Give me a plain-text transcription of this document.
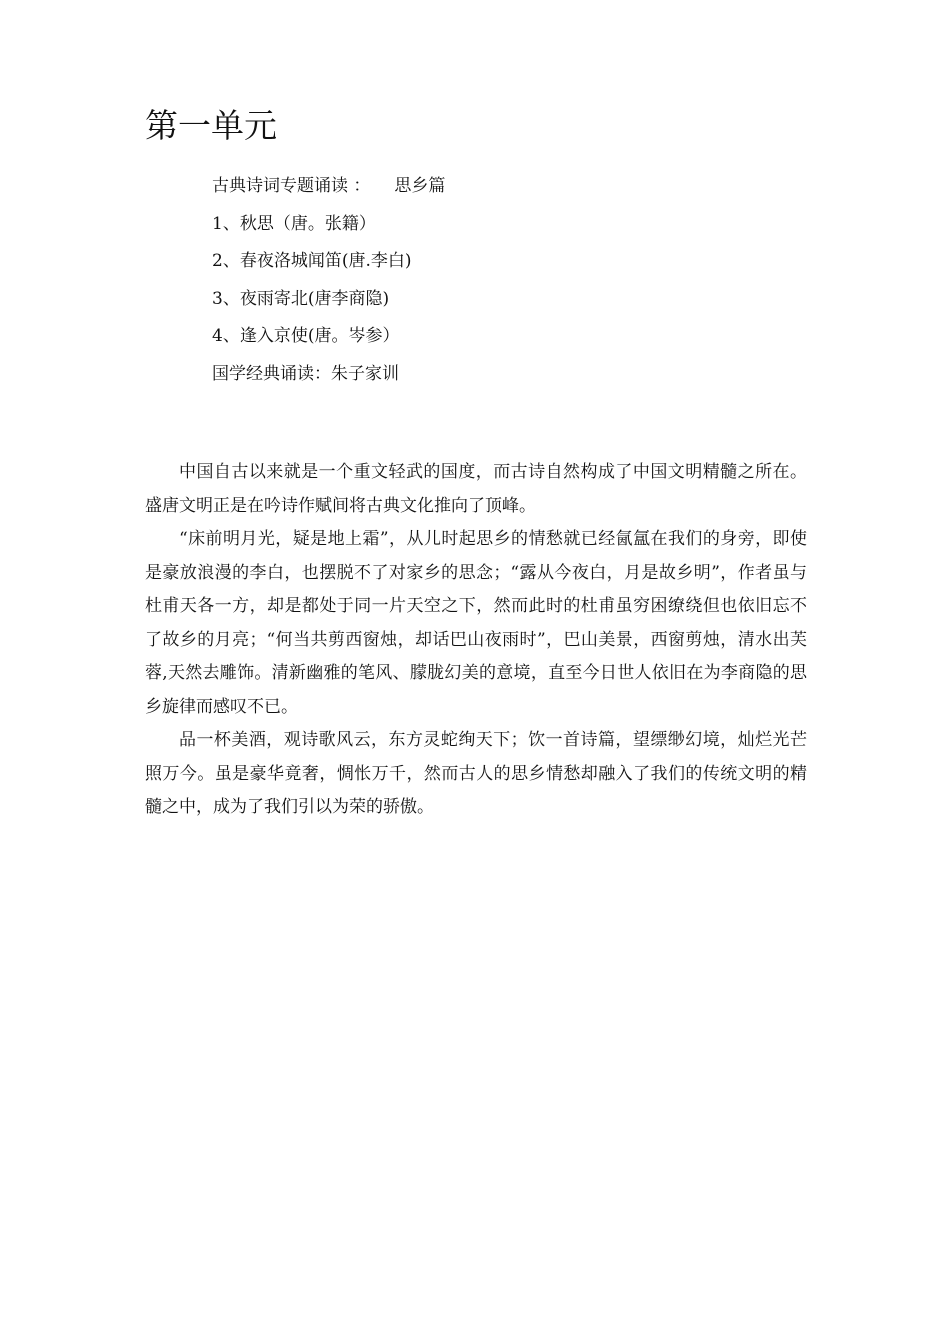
第一单元
古典诗词专题诵读 ： 思乡篇
1、秋思（唐。张籍）
2、春夜洛城闻笛(唐.李白)
3、夜雨寄北(唐李商隐)
4、逢入京使(唐。岑参）
国学经典诵读：朱子家训

中国自古以来就是一个重文轻武的国度，而古诗自然构成了中国文明精髓之所在。盛唐文明正是在吟诗作赋间将古典文化推向了顶峰。

“床前明月光，疑是地上霜”，从儿时起思乡的情愁就已经氤氲在我们的身旁，即使是豪放浪漫的李白，也摆脱不了对家乡的思念；“露从今夜白，月是故乡明”，作者虽与杜甫天各一方，却是都处于同一片天空之下，然而此时的杜甫虽穷困缭绕但也依旧忘不了故乡的月亮；“何当共剪西窗烛，却话巴山夜雨时”，巴山美景，西窗剪烛，清水出芙蓉,天然去雕饰。清新幽雅的笔风、朦胧幻美的意境，直至今日世人依旧在为李商隐的思乡旋律而感叹不已。

品一杯美酒，观诗歌风云，东方灵蛇绚天下；饮一首诗篇，望缥缈幻境，灿烂光芒照万今。虽是豪华竟奢，惆怅万千，然而古人的思乡情愁却融入了我们的传统文明的精髓之中，成为了我们引以为荣的骄傲。
